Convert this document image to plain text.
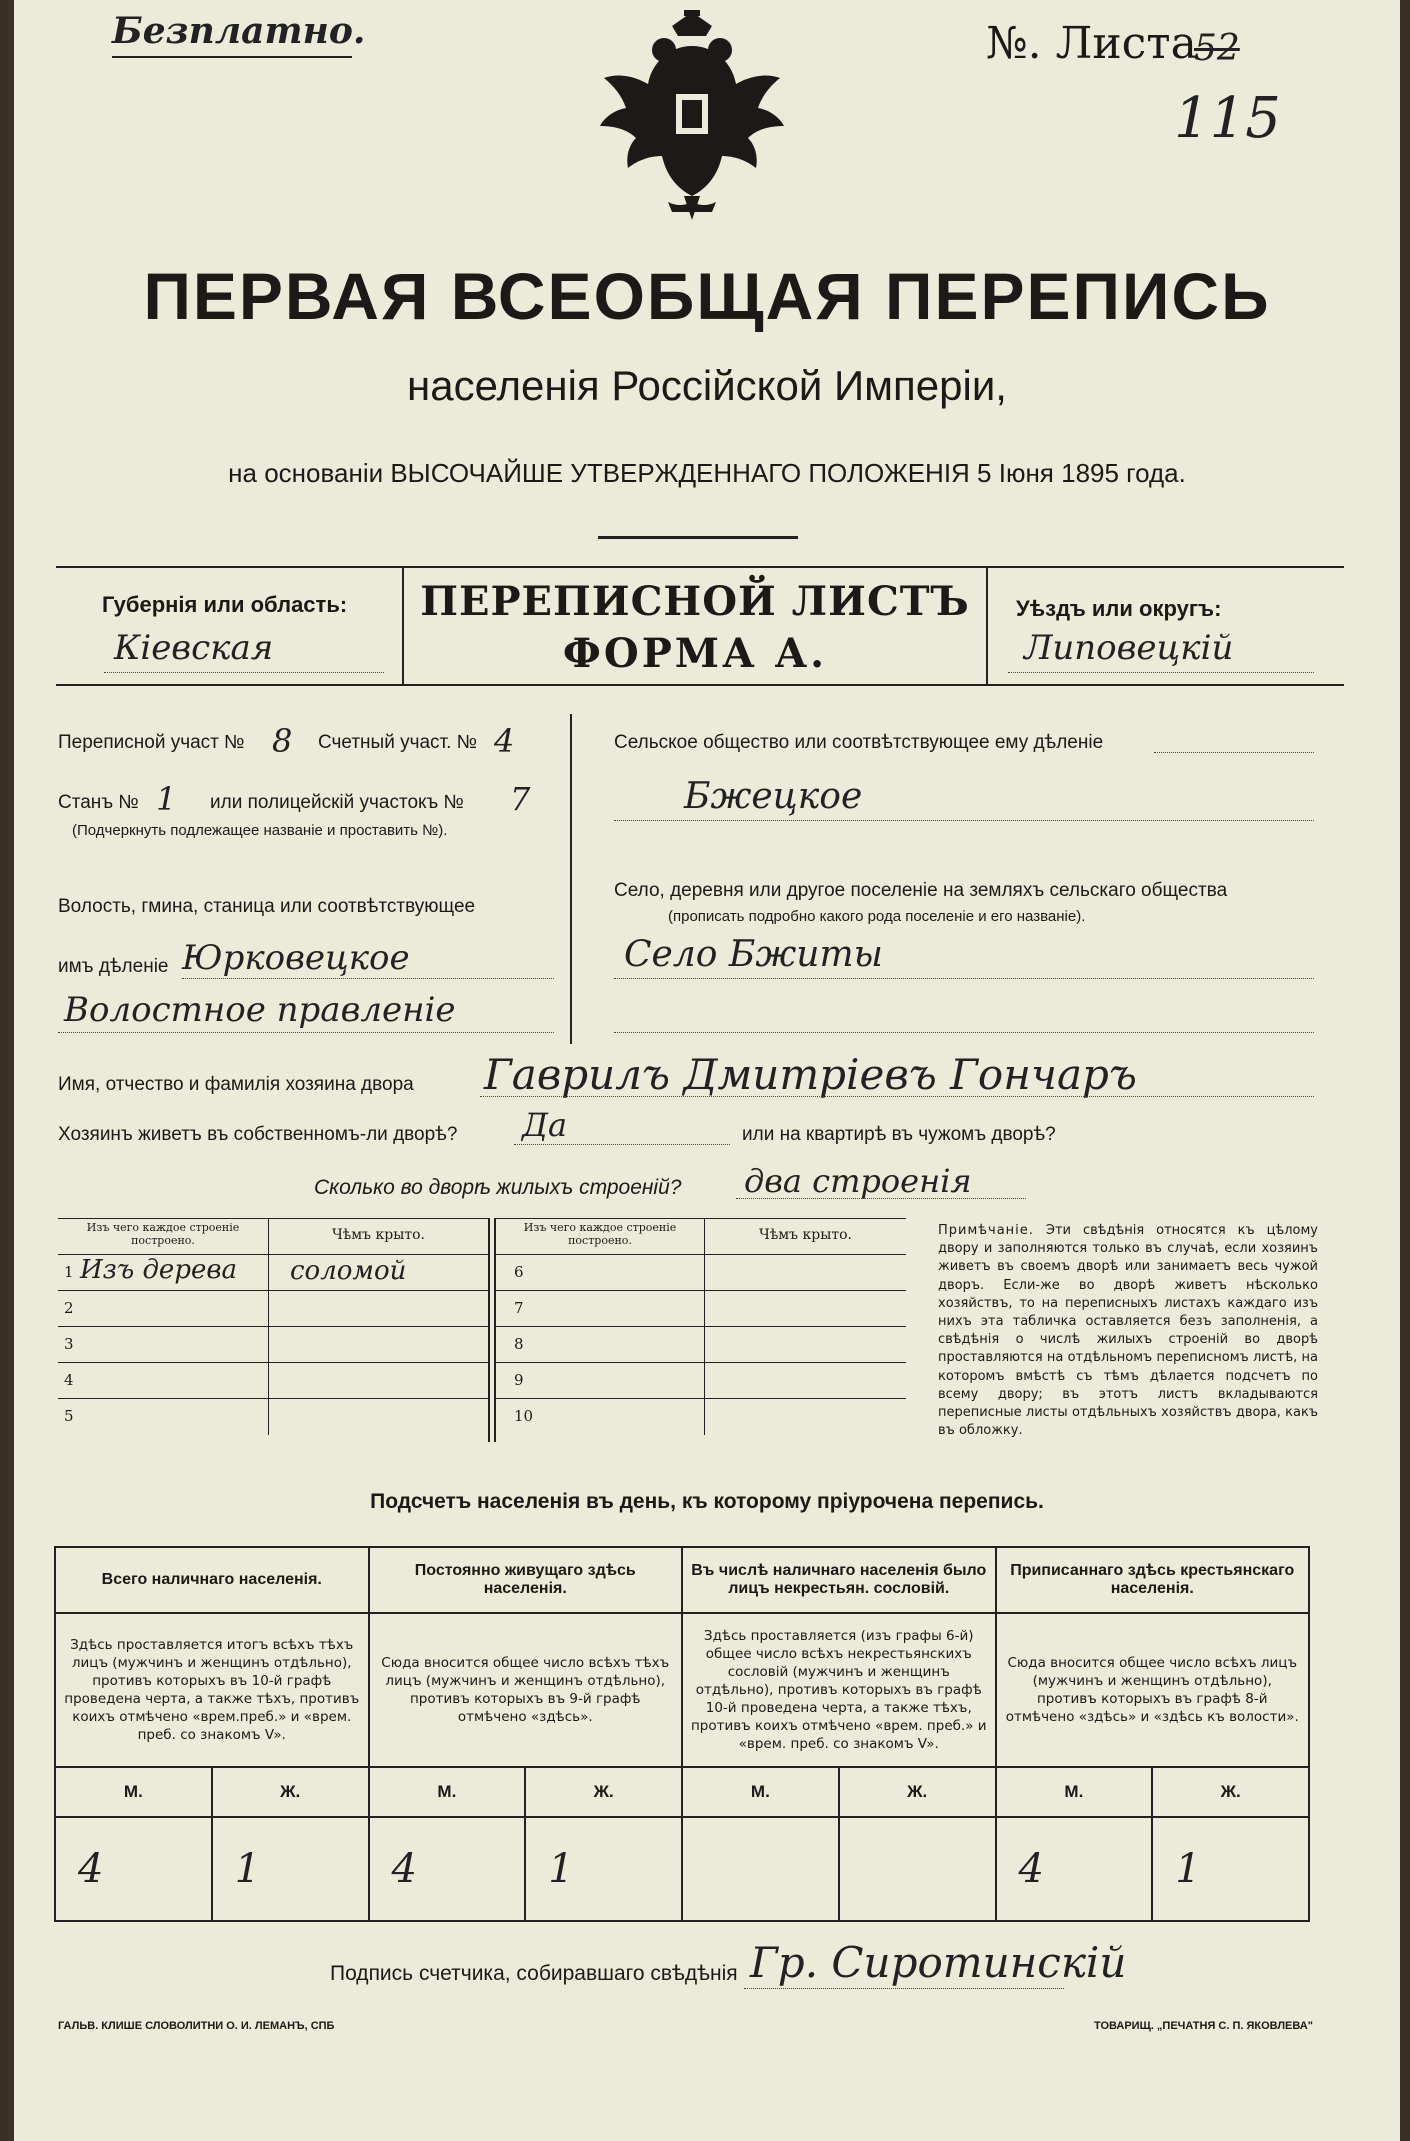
Безплатно.	№. Листа
52
115
ПЕРВАЯ ВСЕОБЩАЯ ПЕРЕПИСЬ
населенія Россійской Имперіи,
на основаніи ВЫСОЧАЙШЕ УТВЕРЖДЕННАГО ПОЛОЖЕНІЯ 5 Іюня 1895 года.
Губернія или область:
Кіевская
ПЕРЕПИСНОЙ ЛИСТЪ
ФОРМА А.
Уѣздъ или округъ:
Липовецкій
Переписной участ № 8 Счетный участ. № 4
Станъ № 1 или полицейскій участокъ № 7
(Подчеркнуть подлежащее названіе и проставить №).
Волость, гмина, станица или соотвѣтствующее
имъ дѣленіе Юрковецкое
Волостное правленіе
Сельское общество или соотвѣтствующее ему дѣленіе
Бжецкое
Село, деревня или другое поселеніе на земляхъ сельскаго общества
(прописать подробно какого рода поселеніе и его названіе).
Село Бжиты
Имя, отчество и фамилія хозяина двора Гаврилъ Дмитріевъ Гончаръ
Хозяинъ живетъ въ собственномъ-ли дворѣ? Да	или на квартирѣ въ чужомъ дворѣ?
Сколько во дворѣ жилыхъ строеній? два строенія
Изъ чего каждое строеніе построено.	Чѣмъ крыто.

1 Изъ дерева	соломой
2	
3	
4	
5	
Изъ чего каждое строеніе построено.	Чѣмъ крыто.
6	
7	
8	
9	
10	
Примѣчаніе. Эти свѣдѣнія относятся къ цѣлому двору и заполняются только въ случаѣ, если хозяинъ живетъ въ своемъ дворѣ или занимаетъ весь чужой дворъ. Если-же во дворѣ живетъ нѣсколько хозяйствъ, то на переписныхъ листахъ каждаго изъ нихъ эта табличка оставляется безъ заполненія, а свѣдѣнія о числѣ жилыхъ строеній во дворѣ проставляются на отдѣльномъ переписномъ листѣ, на которомъ вмѣстѣ съ тѣмъ дѣлается подсчетъ по всему двору; въ этотъ листъ вкладываются переписные листы отдѣльныхъ хозяйствъ двора, какъ въ обложку.
Подсчетъ населенія въ день, къ которому пріурочена перепись.
Всего наличнаго населенія.		Постоянно живущаго здѣсь населенія.		Въ числѣ наличнаго населенія было лицъ некрестьян. сословій.		Приписаннаго здѣсь крестьянскаго населенія.	
Здѣсь проставляется итогъ всѣхъ тѣхъ лицъ (мужчинъ и женщинъ отдѣльно), противъ которыхъ въ 10-й графѣ проведена черта, а также тѣхъ, противъ коихъ отмѣчено «врем.преб.» и «врем. преб. со знакомъ V».		Сюда вносится общее число всѣхъ тѣхъ лицъ (мужчинъ и женщинъ отдѣльно), противъ которыхъ въ 9-й графѣ отмѣчено «здѣсь».		Здѣсь проставляется (изъ графы 6-й) общее число всѣхъ некрестьянскихъ сословій (мужчинъ и женщинъ отдѣльно), противъ которыхъ въ графѣ 10-й проведена черта, а также тѣхъ, противъ коихъ отмѣчено «врем. преб.» и «врем. преб. со знакомъ V».		Сюда вносится общее число всѣхъ лицъ (мужчинъ и женщинъ отдѣльно), противъ которыхъ въ графѣ 8-й отмѣчено «здѣсь» и «здѣсь къ волости».	
М.	Ж.	М.	Ж.	М.	Ж.	М.	Ж.
4	1	4	1			4	1
Подпись счетчика, собиравшаго свѣдѣнія Гр. Сиротинскій
ГАЛЬВ. КЛИШЕ СЛОВОЛИТНИ О. И. ЛЕМАНЪ, СПБ	ТОВАРИЩ. „ПЕЧАТНЯ С. П. ЯКОВЛЕВА"
